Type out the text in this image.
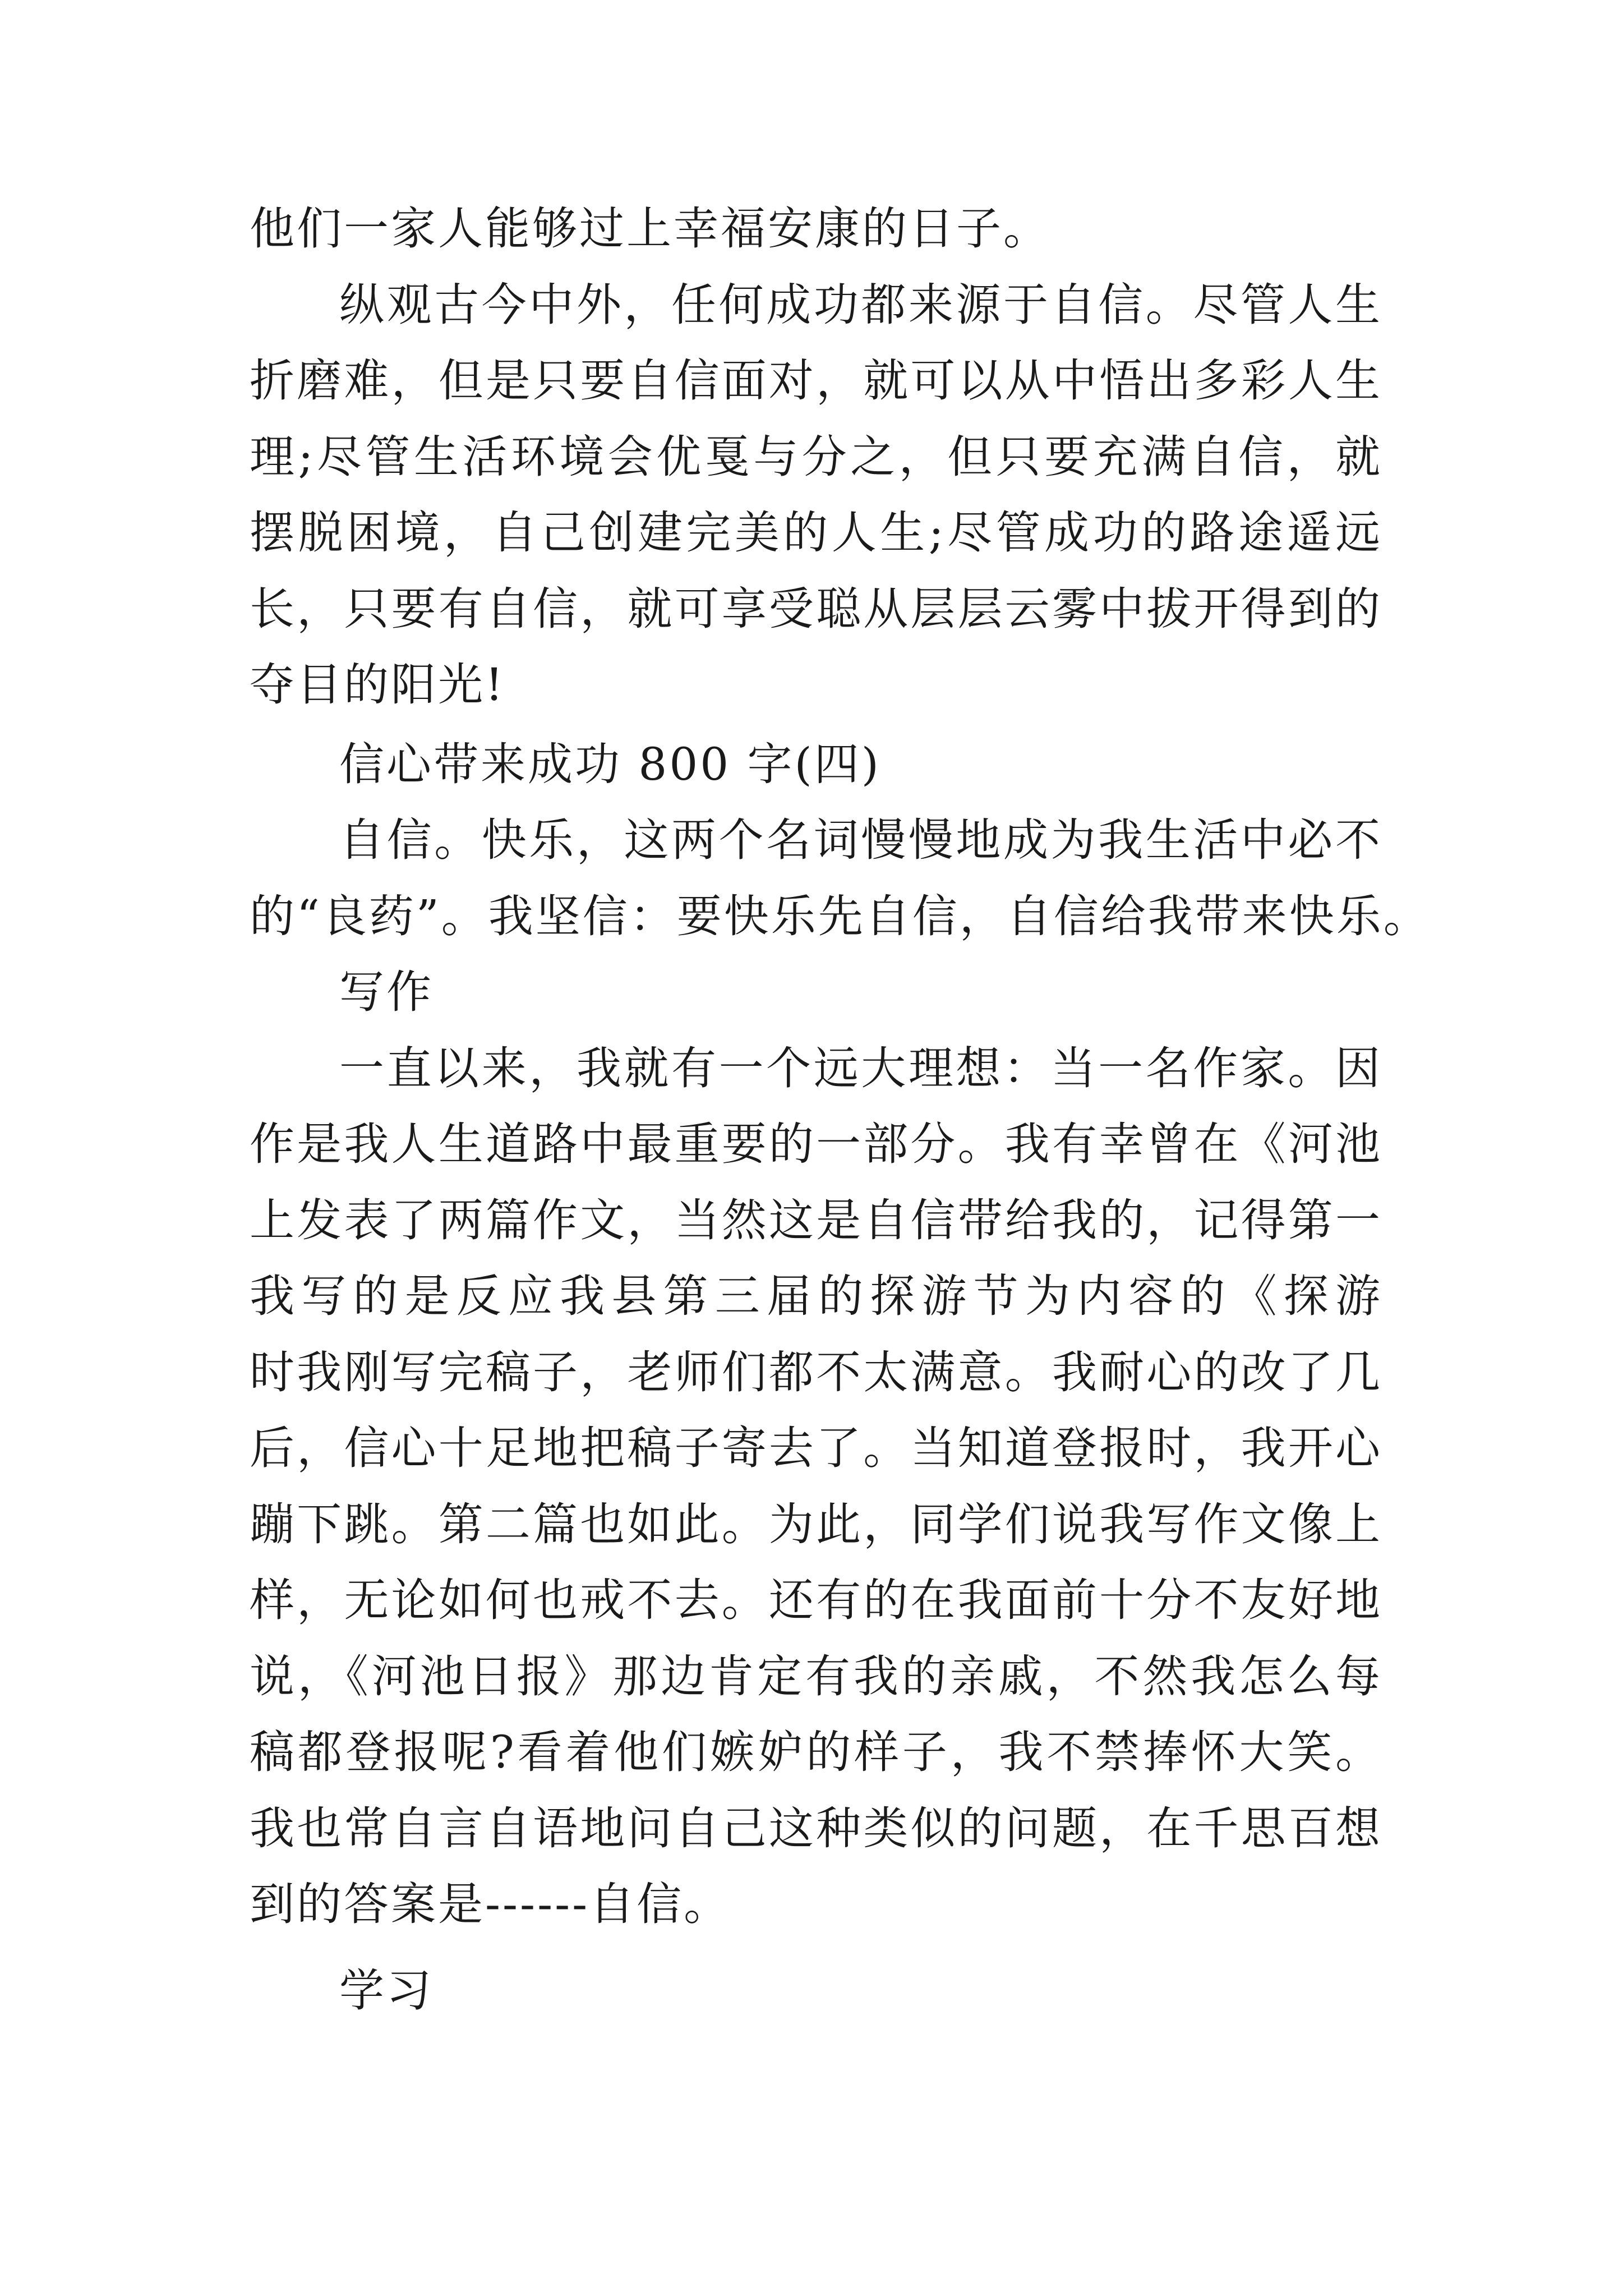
他们一家人能够过上幸福安康的日子。
纵观古今中外，任何成功都来源于自信。尽管人生
折磨难，但是只要自信面对，就可以从中悟出多彩人生
理;尽管生活环境会优戛与分之，但只要充满自信，就
摆脱困境，自己创建完美的人生;尽管成功的路途遥远
长，只要有自信，就可享受聪从层层云雾中拔开得到的
夺目的阳光!
信心带来成功 800 字(四)
自信。快乐，这两个名词慢慢地成为我生活中必不
的“良药”。我坚信：要快乐先自信，自信给我带来快乐。
写作
一直以来，我就有一个远大理想：当一名作家。因
作是我人生道路中最重要的一部分。我有幸曾在《河池
上发表了两篇作文，当然这是自信带给我的，记得第一
我写的是反应我县第三届的探游节为内容的《探游
时我刚写完稿子，老师们都不太满意。我耐心的改了几
后，信心十足地把稿子寄去了。当知道登报时，我开心
蹦下跳。第二篇也如此。为此，同学们说我写作文像上
样，无论如何也戒不去。还有的在我面前十分不友好地
说，《河池日报》那边肯定有我的亲戚，不然我怎么每
稿都登报呢?看着他们嫉妒的样子，我不禁捧怀大笑。
我也常自言自语地问自己这种类似的问题，在千思百想
到的答案是------自信。
学习
